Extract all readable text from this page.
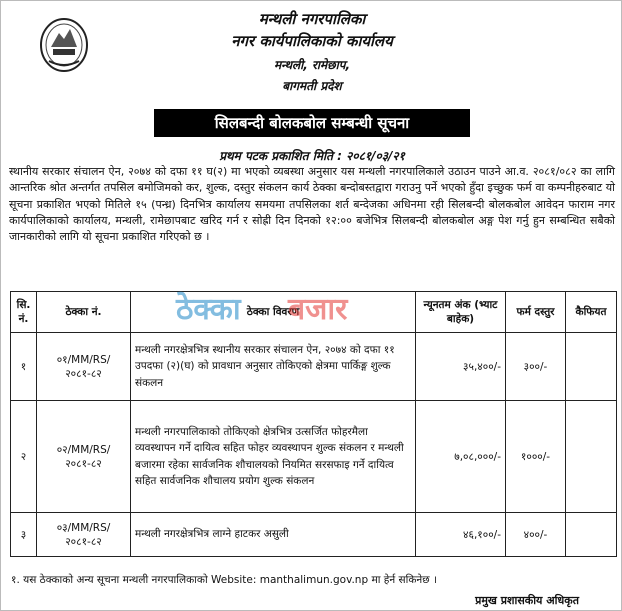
मन्थली नगरपालिका
नगर कार्यपालिकाको कार्यालय
मन्थली, रामेछाप,
बागमती प्रदेश
सिलबन्दी बोलकबोल सम्बन्धी सूचना
प्रथम पटक प्रकाशित मिति : २०८१/०३/२१
स्थानीय सरकार संचालन ऐन, २०७४ को दफा ११ घ(२) मा भएको व्यबस्था अनुसार यस मन्थली नगरपालिकाले उठाउन पाउने आ.व. २०८१/०८२ का लागि आन्तरिक श्रोत अन्तर्गत तपसिल बमोजिमको कर, शुल्क, दस्तुर संकलन कार्य ठेक्का बन्दोबस्तद्वारा गराउनु पर्ने भएको हुँदा इच्छुक फर्म वा कम्पनीहरुबाट यो सूचना प्रकाशित भएको मितिले १५ (पन्ध्र) दिनभित्र कार्यालय समयमा तपसिलका शर्त बन्देजका अधिनमा रही सिलबन्दी बोलकबोल आवेदन फाराम नगर कार्यपालिकाको कार्यालय, मन्थली, रामेछापबाट खरिद गर्न र सोह्री दिन दिनको १२:०० बजेभित्र सिलबन्दी बोलकबोल अङ्ग पेश गर्नु हुन सम्बन्धित सबैको जानकारीको लागि यो सूचना प्रकाशित गरिएको छ ।
सि. नं.	ठेक्का नं.	ठेक्का विवरण	न्यूनतम अंक (भ्याट बाहेक)	फर्म दस्तुर	कैफियत
१	०१/MM/RS/ २०८१-८२	मन्थली नगरक्षेत्रभित्र स्थानीय सरकार संचालन ऐन, २०७४ को दफा ११ उपदफा (२)(घ) को प्रावधान अनुसार तोकिएको क्षेत्रमा पार्किङ्ग शुल्क संकलन	३५,४००/-	३००/-	
२	०२/MM/RS/ २०८१-८२	मन्थली नगरपालिकाको तोकिएको क्षेत्रभित्र उत्सर्जित फोहरमैला व्यवस्थापन गर्ने दायित्व सहित फोहर व्यवस्थापन शुल्क संकलन र मन्थली बजारमा रहेका सार्वजनिक शौचालयको नियमित सरसफाइ गर्ने दायित्व सहित सार्वजनिक शौचालय प्रयोग शुल्क संकलन	७,०८,०००/-	१०००/-	
३	०३/MM/RS/ २०८१-८२	मन्थली नगरक्षेत्रभित्र लाग्ने हाटकर असुली	४६,१००/-	४००/-	
ठेक्का बजार
१. यस ठेक्काको अन्य सूचना मन्थली नगरपालिकाको Website: manthalimun.gov.np मा हेर्न सकिनेछ ।
प्रमुख प्रशासकीय अधिकृत
